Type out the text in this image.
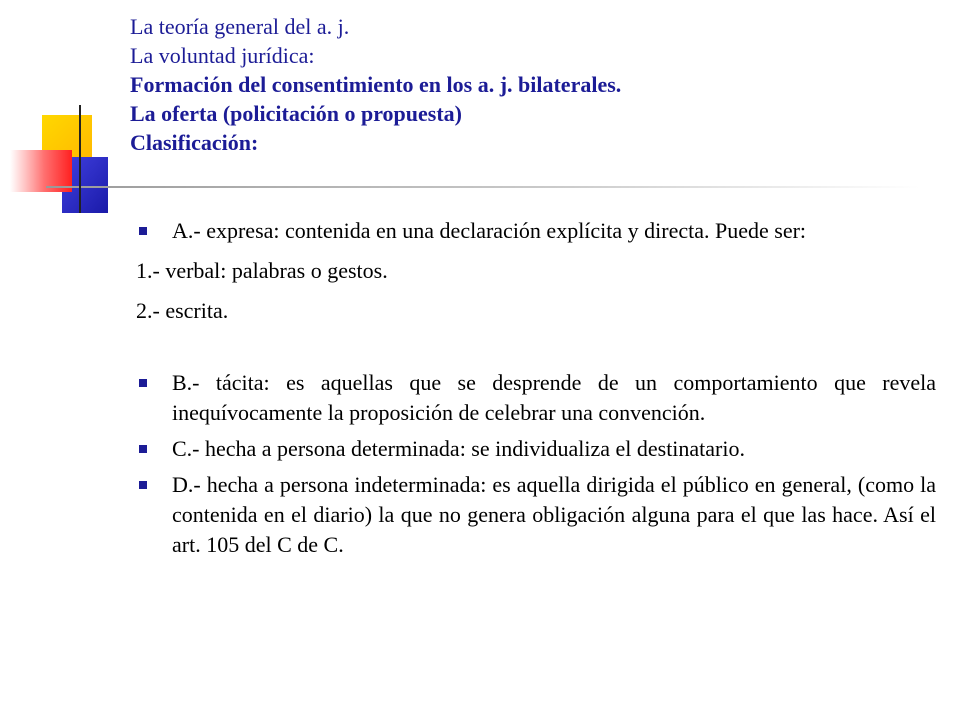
La teoría general del a. j.
La voluntad jurídica:
Formación del consentimiento en los a. j. bilaterales.
La oferta (policitación o propuesta)
Clasificación:
A.- expresa: contenida en una declaración explícita y directa. Puede ser:
1.- verbal: palabras o gestos.
2.- escrita.
B.- tácita: es aquellas que se desprende de un comportamiento que revela inequívocamente la proposición de celebrar una convención.
C.- hecha a persona determinada: se individualiza el destinatario.
D.- hecha a persona indeterminada: es aquella dirigida el público en general, (como la contenida en el diario) la que no genera obligación alguna para el que las hace. Así el art. 105 del C de C.
